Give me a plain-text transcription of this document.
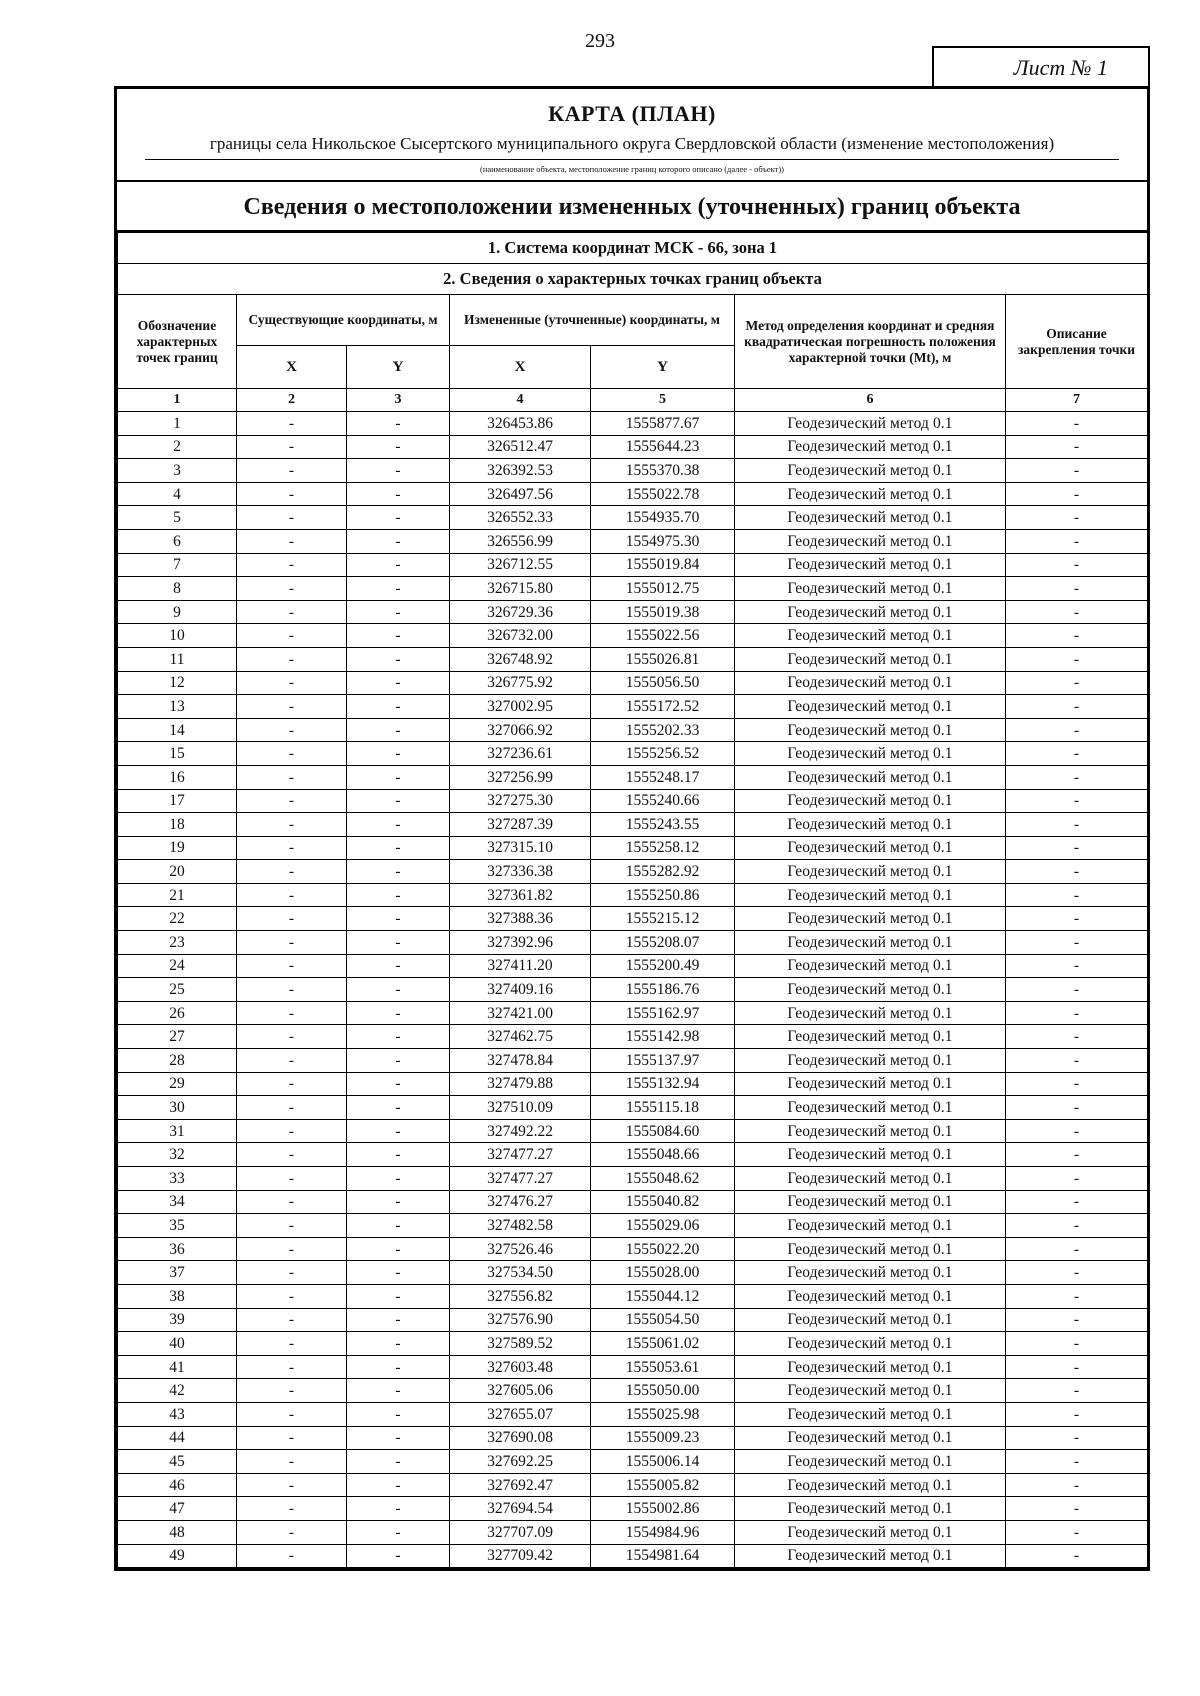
293
Лист № 1
КАРТА (ПЛАН)
границы села Никольское Сысертского муниципального округа Свердловской области (изменение местоположения)
(наименование объекта, местоположение границ которого описано (далее - объект))
Сведения о местоположении измененных (уточненных) границ объекта
1. Система координат МСК - 66, зона 1						
2. Сведения о характерных точках границ объекта						
Обозначение характерных точек границ	Существующие координаты, м		Измененные (уточненные) координаты, м		Метод определения координат и средняя квадратическая погрешность положения характерной точки (Mt), м	Описание закрепления точки
	X	Y	X	Y		
1	2	3	4	5	6	7
1	-	-	326453.86	1555877.67	Геодезический метод 0.1	-
2	-	-	326512.47	1555644.23	Геодезический метод 0.1	-
3	-	-	326392.53	1555370.38	Геодезический метод 0.1	-
4	-	-	326497.56	1555022.78	Геодезический метод 0.1	-
5	-	-	326552.33	1554935.70	Геодезический метод 0.1	-
6	-	-	326556.99	1554975.30	Геодезический метод 0.1	-
7	-	-	326712.55	1555019.84	Геодезический метод 0.1	-
8	-	-	326715.80	1555012.75	Геодезический метод 0.1	-
9	-	-	326729.36	1555019.38	Геодезический метод 0.1	-
10	-	-	326732.00	1555022.56	Геодезический метод 0.1	-
11	-	-	326748.92	1555026.81	Геодезический метод 0.1	-
12	-	-	326775.92	1555056.50	Геодезический метод 0.1	-
13	-	-	327002.95	1555172.52	Геодезический метод 0.1	-
14	-	-	327066.92	1555202.33	Геодезический метод 0.1	-
15	-	-	327236.61	1555256.52	Геодезический метод 0.1	-
16	-	-	327256.99	1555248.17	Геодезический метод 0.1	-
17	-	-	327275.30	1555240.66	Геодезический метод 0.1	-
18	-	-	327287.39	1555243.55	Геодезический метод 0.1	-
19	-	-	327315.10	1555258.12	Геодезический метод 0.1	-
20	-	-	327336.38	1555282.92	Геодезический метод 0.1	-
21	-	-	327361.82	1555250.86	Геодезический метод 0.1	-
22	-	-	327388.36	1555215.12	Геодезический метод 0.1	-
23	-	-	327392.96	1555208.07	Геодезический метод 0.1	-
24	-	-	327411.20	1555200.49	Геодезический метод 0.1	-
25	-	-	327409.16	1555186.76	Геодезический метод 0.1	-
26	-	-	327421.00	1555162.97	Геодезический метод 0.1	-
27	-	-	327462.75	1555142.98	Геодезический метод 0.1	-
28	-	-	327478.84	1555137.97	Геодезический метод 0.1	-
29	-	-	327479.88	1555132.94	Геодезический метод 0.1	-
30	-	-	327510.09	1555115.18	Геодезический метод 0.1	-
31	-	-	327492.22	1555084.60	Геодезический метод 0.1	-
32	-	-	327477.27	1555048.66	Геодезический метод 0.1	-
33	-	-	327477.27	1555048.62	Геодезический метод 0.1	-
34	-	-	327476.27	1555040.82	Геодезический метод 0.1	-
35	-	-	327482.58	1555029.06	Геодезический метод 0.1	-
36	-	-	327526.46	1555022.20	Геодезический метод 0.1	-
37	-	-	327534.50	1555028.00	Геодезический метод 0.1	-
38	-	-	327556.82	1555044.12	Геодезический метод 0.1	-
39	-	-	327576.90	1555054.50	Геодезический метод 0.1	-
40	-	-	327589.52	1555061.02	Геодезический метод 0.1	-
41	-	-	327603.48	1555053.61	Геодезический метод 0.1	-
42	-	-	327605.06	1555050.00	Геодезический метод 0.1	-
43	-	-	327655.07	1555025.98	Геодезический метод 0.1	-
44	-	-	327690.08	1555009.23	Геодезический метод 0.1	-
45	-	-	327692.25	1555006.14	Геодезический метод 0.1	-
46	-	-	327692.47	1555005.82	Геодезический метод 0.1	-
47	-	-	327694.54	1555002.86	Геодезический метод 0.1	-
48	-	-	327707.09	1554984.96	Геодезический метод 0.1	-
49	-	-	327709.42	1554981.64	Геодезический метод 0.1	-
